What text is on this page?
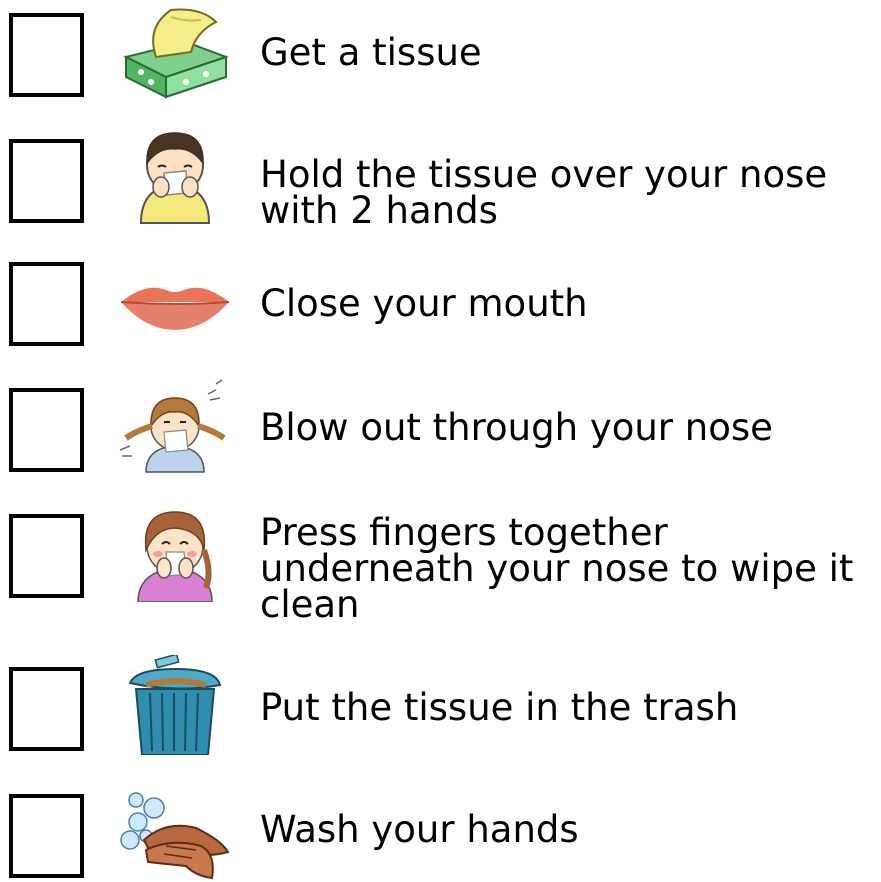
Get a tissue
Hold the tissue over your nose
with 2 hands
Close your mouth
Blow out through your nose
Press fingers together
underneath your nose to wipe it
clean
Put the tissue in the trash
Wash your hands
